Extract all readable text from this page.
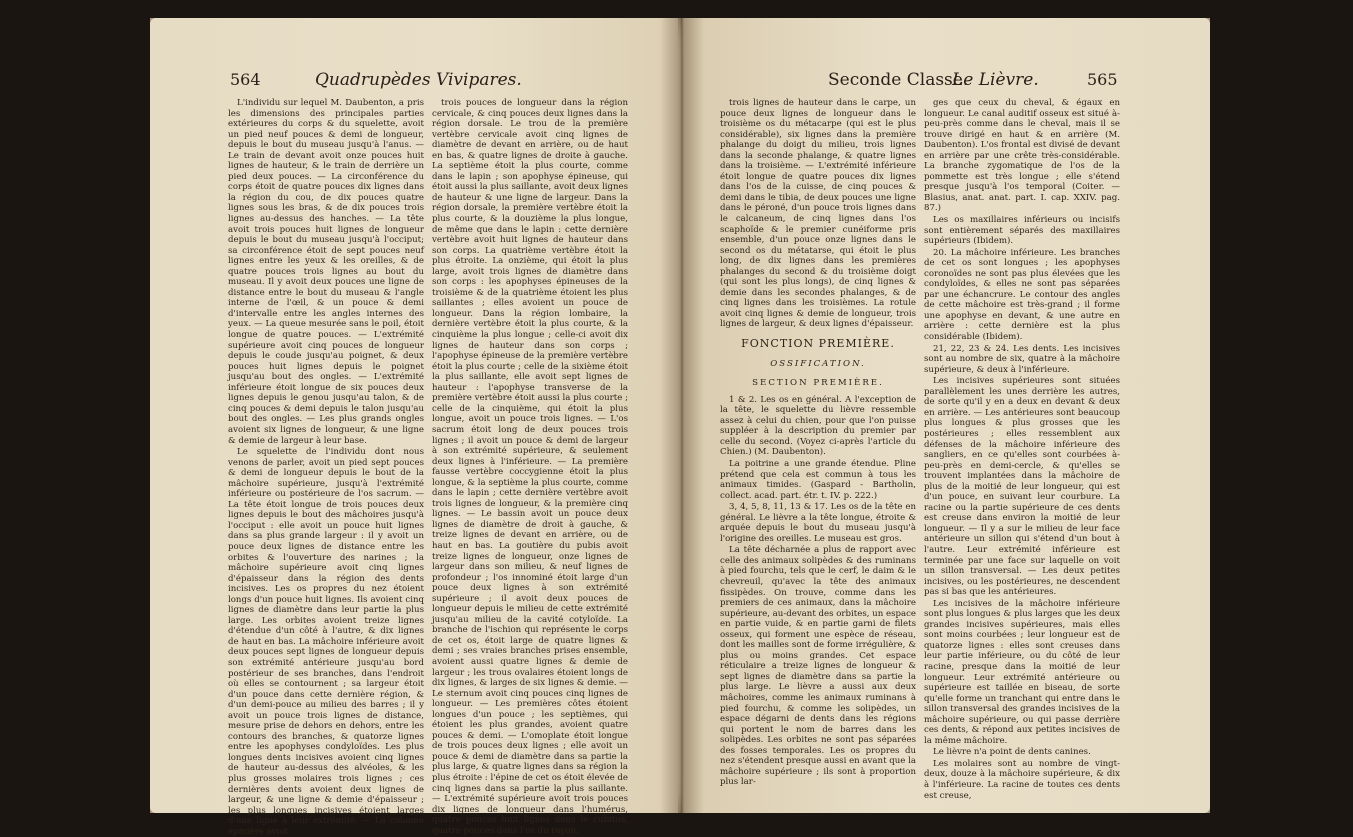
564	Quadrupèdes Vivipares.

L'individu sur lequel M. Daubenton, a pris les dimensions des principales parties extérieures du corps & du squelette, avoit un pied neuf pouces & demi de longueur, depuis le bout du museau jusqu'à l'anus. — Le train de devant avoit onze pouces huit lignes de hauteur, & le train de derrière un pied deux pouces. — La circonférence du corps étoit de quatre pouces dix lignes dans la région du cou, de dix pouces quatre lignes sous les bras, & de dix pouces trois lignes au-dessus des hanches. — La tête avoit trois pouces huit lignes de longueur depuis le bout du museau jusqu'à l'occiput; sa circonférence étoit de sept pouces neuf lignes entre les yeux & les oreilles, & de quatre pouces trois lignes au bout du museau. Il y avoit deux pouces une ligne de distance entre le bout du museau & l'angle interne de l'œil, & un pouce & demi d'intervalle entre les angles internes des yeux. — La queue mesurée sans le poil, étoit longue de quatre pouces. — L'extrémité supérieure avoit cinq pouces de longueur depuis le coude jusqu'au poignet, & deux pouces huit lignes depuis le poignet jusqu'au bout des ongles. — L'extrémité inférieure étoit longue de six pouces deux lignes depuis le genou jusqu'au talon, & de cinq pouces & demi depuis le talon jusqu'au bout des ongles. — Les plus grands ongles avoient six lignes de longueur, & une ligne & demie de largeur à leur base.

Le squelette de l'individu dont nous venons de parler, avoit un pied sept pouces & demi de longueur depuis le bout de la mâchoire supérieure, jusqu'à l'extrémité inférieure ou postérieure de l'os sacrum. — La tête étoit longue de trois pouces deux lignes depuis le bout des mâchoires jusqu'à l'occiput : elle avoit un pouce huit lignes dans sa plus grande largeur : il y avoit un pouce deux lignes de distance entre les orbites & l'ouverture des narines ; la mâchoire supérieure avoit cinq lignes d'épaisseur dans la région des dents incisives. Les os propres du nez étoient longs d'un pouce huit lignes. Ils avoient cinq lignes de diamètre dans leur partie la plus large. Les orbites avoient treize lignes d'étendue d'un côté à l'autre, & dix lignes de haut en bas. La mâchoire inférieure avoit deux pouces sept lignes de longueur depuis son extrémité antérieure jusqu'au bord postérieur de ses branches, dans l'endroit où elles se contournent ; sa largeur étoit d'un pouce dans cette dernière région, & d'un demi-pouce au milieu des barres ; il y avoit un pouce trois lignes de distance, mesure prise de dehors en dehors, entre les contours des branches, & quatorze lignes entre les apophyses condyloïdes. Les plus longues dents incisives avoient cinq lignes de hauteur au-dessus des alvéoles, & les plus grosses molaires trois lignes ; ces dernières dents avoient deux lignes de largeur, & une ligne & demie d'épaisseur ; les plus longues incisives étoient larges d'une ligne à leur extrémité. — La colonne épinière avoit

trois pouces de longueur dans la région cervicale, & cinq pouces deux lignes dans la région dorsale. Le trou de la première vertèbre cervicale avoit cinq lignes de diamètre de devant en arrière, ou de haut en bas, & quatre lignes de droite à gauche. La septième étoit la plus courte, comme dans le lapin ; son apophyse épineuse, qui étoit aussi la plus saillante, avoit deux lignes de hauteur & une ligne de largeur. Dans la région dorsale, la première vertèbre étoit la plus courte, & la douzième la plus longue, de même que dans le lapin : cette dernière vertèbre avoit huit lignes de hauteur dans son corps. La quatrième vertèbre étoit la plus étroite. La onzième, qui étoit la plus large, avoit trois lignes de diamètre dans son corps : les apophyses épineuses de la troisième & de la quatrième étoient les plus saillantes ; elles avoient un pouce de longueur. Dans la région lombaire, la dernière vertèbre étoit la plus courte, & la cinquième la plus longue ; celle-ci avoit dix lignes de hauteur dans son corps ; l'apophyse épineuse de la première vertèbre étoit la plus courte ; celle de la sixième étoit la plus saillante, elle avoit sept lignes de hauteur : l'apophyse transverse de la première vertèbre étoit aussi la plus courte ; celle de la cinquième, qui étoit la plus longue, avoit un pouce trois lignes. — L'os sacrum étoit long de deux pouces trois lignes ; il avoit un pouce & demi de largeur à son extrémité supérieure, & seulement deux lignes à l'inférieure. — La première fausse vertèbre coccygienne étoit la plus longue, & la septième la plus courte, comme dans le lapin ; cette dernière vertèbre avoit trois lignes de longueur, & la première cinq lignes. — Le bassin avoit un pouce deux lignes de diamètre de droit à gauche, & treize lignes de devant en arrière, ou de haut en bas. La goutière du pubis avoit treize lignes de longueur, onze lignes de largeur dans son milieu, & neuf lignes de profondeur ; l'os innominé étoit large d'un pouce deux lignes à son extrémité supérieure ; il avoit deux pouces de longueur depuis le milieu de cette extrémité jusqu'au milieu de la cavité cotyloïde. La branche de l'ischion qui représente le corps de cet os, étoit large de quatre lignes & demi ; ses vraies branches prises ensemble, avoient aussi quatre lignes & demie de largeur ; les trous ovalaires étoient longs de dix lignes, & larges de six lignes & demie. — Le sternum avoit cinq pouces cinq lignes de longueur. — Les premières côtes étoient longues d'un pouce ; les septièmes, qui étoient les plus grandes, avoient quatre pouces & demi. — L'omoplate étoit longue de trois pouces deux lignes ; elle avoit un pouce & demi de diamètre dans sa partie la plus large, & quatre lignes dans sa région la plus étroite : l'épine de cet os étoit élevée de cinq lignes dans sa partie la plus saillante. — L'extrémité supérieure avoit trois pouces dix lignes de longueur dans l'humérus, quatre pouces huit lignes dans le cubitus, quatre pouces dans l'os du rayon,

Seconde Classe.
Le Lièvre.	565

trois lignes de hauteur dans le carpe, un pouce deux lignes de longueur dans le troisième os du métacarpe (qui est le plus considérable), six lignes dans la première phalange du doigt du milieu, trois lignes dans la seconde phalange, & quatre lignes dans la troisième. — L'extrémité inférieure étoit longue de quatre pouces dix lignes dans l'os de la cuisse, de cinq pouces & demi dans le tibia, de deux pouces une ligne dans le péroné, d'un pouce trois lignes dans le calcaneum, de cinq lignes dans l'os scaphoïde & le premier cunéiforme pris ensemble, d'un pouce onze lignes dans le second os du métatarse, qui étoit le plus long, de dix lignes dans les premières phalanges du second & du troisième doigt (qui sont les plus longs), de cinq lignes & demie dans les secondes phalanges, & de cinq lignes dans les troisièmes. La rotule avoit cinq lignes & demie de longueur, trois lignes de largeur, & deux lignes d'épaisseur.

FONCTION PREMIÈRE.

OSSIFICATION.

SECTION PREMIÈRE.

1 & 2. Les os en général. A l'exception de la tête, le squelette du lièvre ressemble assez à celui du chien, pour que l'on puisse suppléer à la description du premier par celle du second. (Voyez ci-après l'article du Chien.) (M. Daubenton).

La poitrine a une grande étendue. Pline prétend que cela est commun à tous les animaux timides. (Gaspard - Bartholin, collect. acad. part. étr. t. IV. p. 222.)

3, 4, 5, 8, 11, 13 & 17. Les os de la tête en général. Le lièvre a la tête longue, étroite & arquée depuis le bout du museau jusqu'à l'origine des oreilles. Le museau est gros.

La tête décharnée a plus de rapport avec celle des animaux solipèdes & des ruminans à pied fourchu, tels que le cerf, le daim & le chevreuil, qu'avec la tête des animaux fissipèdes. On trouve, comme dans les premiers de ces animaux, dans la mâchoire supérieure, au-devant des orbites, un espace en partie vuide, & en partie garni de filets osseux, qui forment une espèce de réseau, dont les mailles sont de forme irrégulière, & plus ou moins grandes. Cet espace réticulaire a treize lignes de longueur & sept lignes de diamètre dans sa partie la plus large. Le lièvre a aussi aux deux mâchoires, comme les animaux ruminans à pied fourchu, & comme les solipèdes, un espace dégarni de dents dans les régions qui portent le nom de barres dans les solipèdes. Les orbites ne sont pas séparées des fosses temporales. Les os propres du nez s'étendent presque aussi en avant que la mâchoire supérieure ; ils sont à proportion plus lar-

ges que ceux du cheval, & égaux en longueur. Le canal auditif osseux est situé à-peu-près comme dans le cheval, mais il se trouve dirigé en haut & en arrière (M. Daubenton). L'os frontal est divisé de devant en arrière par une crête très-considérable. La branche zygomatique de l'os de la pommette est très longue ; elle s'étend presque jusqu'à l'os temporal (Coiter. — Blasius, anat. anat. part. I. cap. XXIV. pag. 87.)

Les os maxillaires inférieurs ou incisifs sont entièrement séparés des maxillaires supérieurs (Ibidem).

20. La mâchoire inférieure. Les branches de cet os sont longues ; les apophyses coronoïdes ne sont pas plus élevées que les condyloïdes, & elles ne sont pas séparées par une échancrure. Le contour des angles de cette mâchoire est très-grand ; il forme une apophyse en devant, & une autre en arrière : cette dernière est la plus considérable (Ibidem).

21, 22, 23 & 24. Les dents. Les incisives sont au nombre de six, quatre à la mâchoire supérieure, & deux à l'inférieure.

Les incisives supérieures sont situées parallèlement les unes derrière les autres, de sorte qu'il y en a deux en devant & deux en arrière. — Les antérieures sont beaucoup plus longues & plus grosses que les postérieures ; elles ressemblent aux défenses de la mâchoire inférieure des sangliers, en ce qu'elles sont courbées à-peu-près en demi-cercle, & qu'elles se trouvent implantées dans la mâchoire de plus de la moitié de leur longueur, qui est d'un pouce, en suivant leur courbure. La racine ou la partie supérieure de ces dents est creuse dans environ la moitié de leur longueur. — Il y a sur le milieu de leur face antérieure un sillon qui s'étend d'un bout à l'autre. Leur extrémité inférieure est terminée par une face sur laquelle on voit un sillon transversal. — Les deux petites incisives, ou les postérieures, ne descendent pas si bas que les antérieures.

Les incisives de la mâchoire inférieure sont plus longues & plus larges que les deux grandes incisives supérieures, mais elles sont moins courbées ; leur longueur est de quatorze lignes : elles sont creuses dans leur partie inférieure, ou du côté de leur racine, presque dans la moitié de leur longueur. Leur extrémité antérieure ou supérieure est taillée en biseau, de sorte qu'elle forme un tranchant qui entre dans le sillon transversal des grandes incisives de la mâchoire supérieure, ou qui passe derrière ces dents, & répond aux petites incisives de la même mâchoire.

Le lièvre n'a point de dents canines.

Les molaires sont au nombre de vingt-deux, douze à la mâchoire supérieure, & dix à l'inférieure. La racine de toutes ces dents est creuse,
